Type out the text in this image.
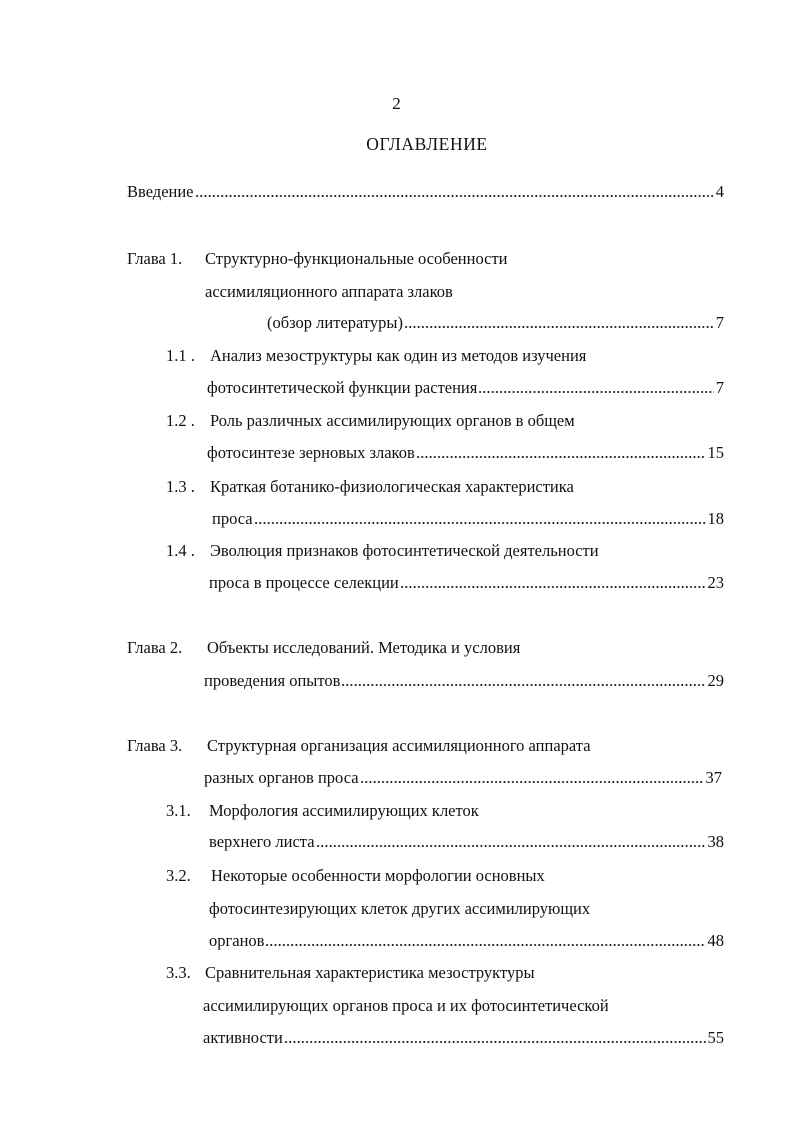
2
ОГЛАВЛЕНИЕ
Введение	4
Глава 1. Структурно-функциональные особенности
ассимиляционного аппарата злаков
(обзор литературы)	7
1.1 . Анализ мезоструктуры как один из методов изучения
фотосинтетической функции растения	7
1.2 . Роль различных ассимилирующих органов в общем
фотосинтезе зерновых злаков	15
1.3 . Краткая ботанико-физиологическая характеристика
проса	18
1.4 . Эволюция признаков фотосинтетической деятельности
проса в процессе селекции	23
Глава 2. Объекты исследований. Методика и условия
проведения опытов	29
Глава 3. Структурная организация ассимиляционного аппарата
разных органов проса	37
3.1. Морфология ассимилирующих клеток
верхнего листа	38
3.2. Некоторые особенности морфологии основных
фотосинтезирующих клеток других ассимилирующих
органов	48
3.3. Сравнительная характеристика мезоструктуры
ассимилирующих органов проса и их фотосинтетической
активности	55
